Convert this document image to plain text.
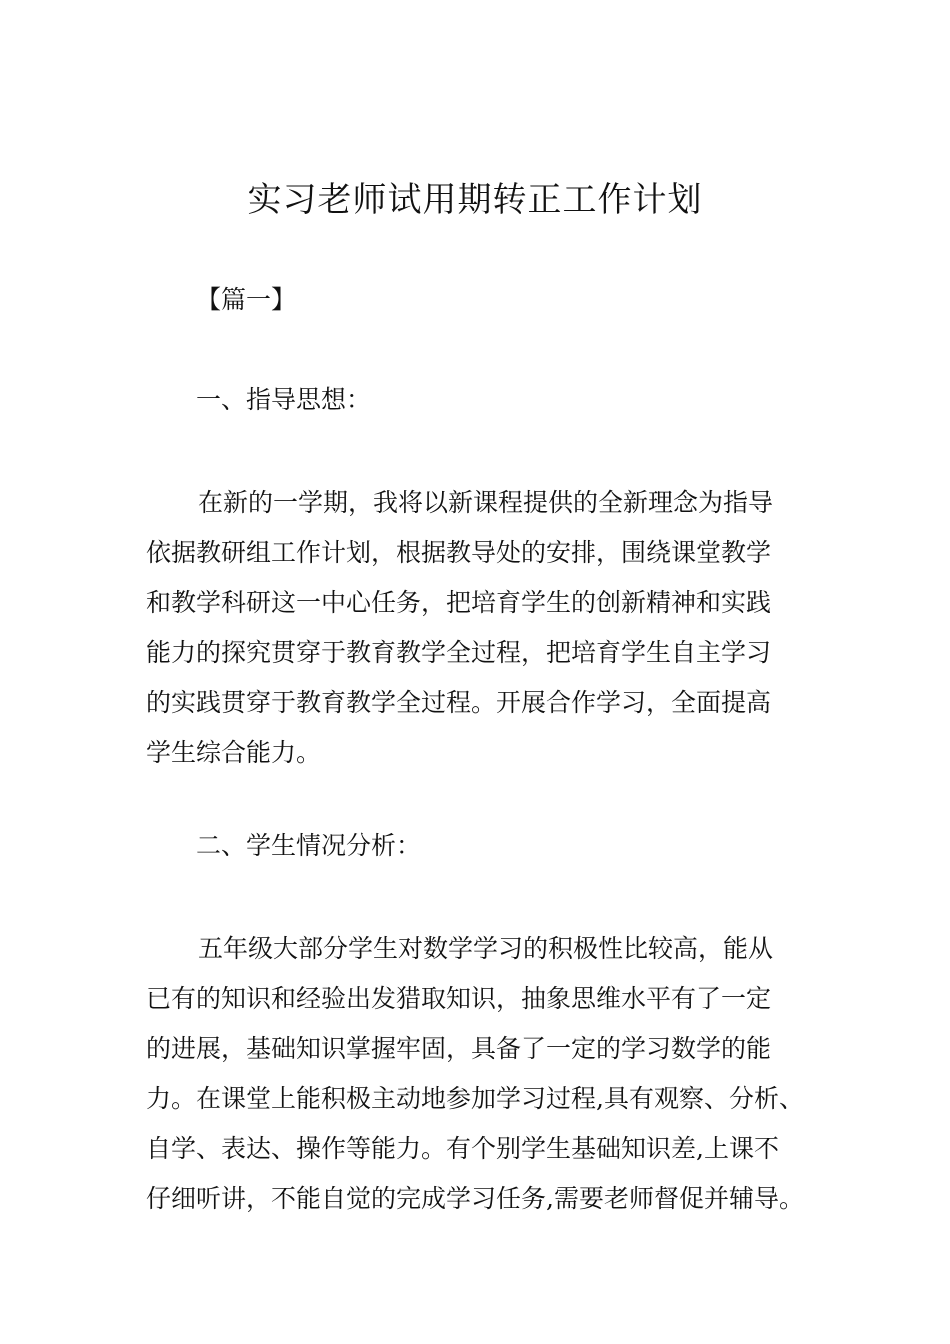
实习老师试用期转正工作计划
【篇一】
一、指导思想：
在新的一学期，我将以新课程提供的全新理念为指导
依据教研组工作计划，根据教导处的安排，围绕课堂教学
和教学科研这一中心任务，把培育学生的创新精神和实践
能力的探究贯穿于教育教学全过程，把培育学生自主学习
的实践贯穿于教育教学全过程。开展合作学习，全面提高
学生综合能力。
二、学生情况分析：
五年级大部分学生对数学学习的积极性比较高，能从
已有的知识和经验出发猎取知识，抽象思维水平有了一定
的进展，基础知识掌握牢固，具备了一定的学习数学的能
力。在课堂上能积极主动地参加学习过程,具有观察、分析、
自学、表达、操作等能力。有个别学生基础知识差,上课不
仔细听讲，不能自觉的完成学习任务,需要老师督促并辅导。
